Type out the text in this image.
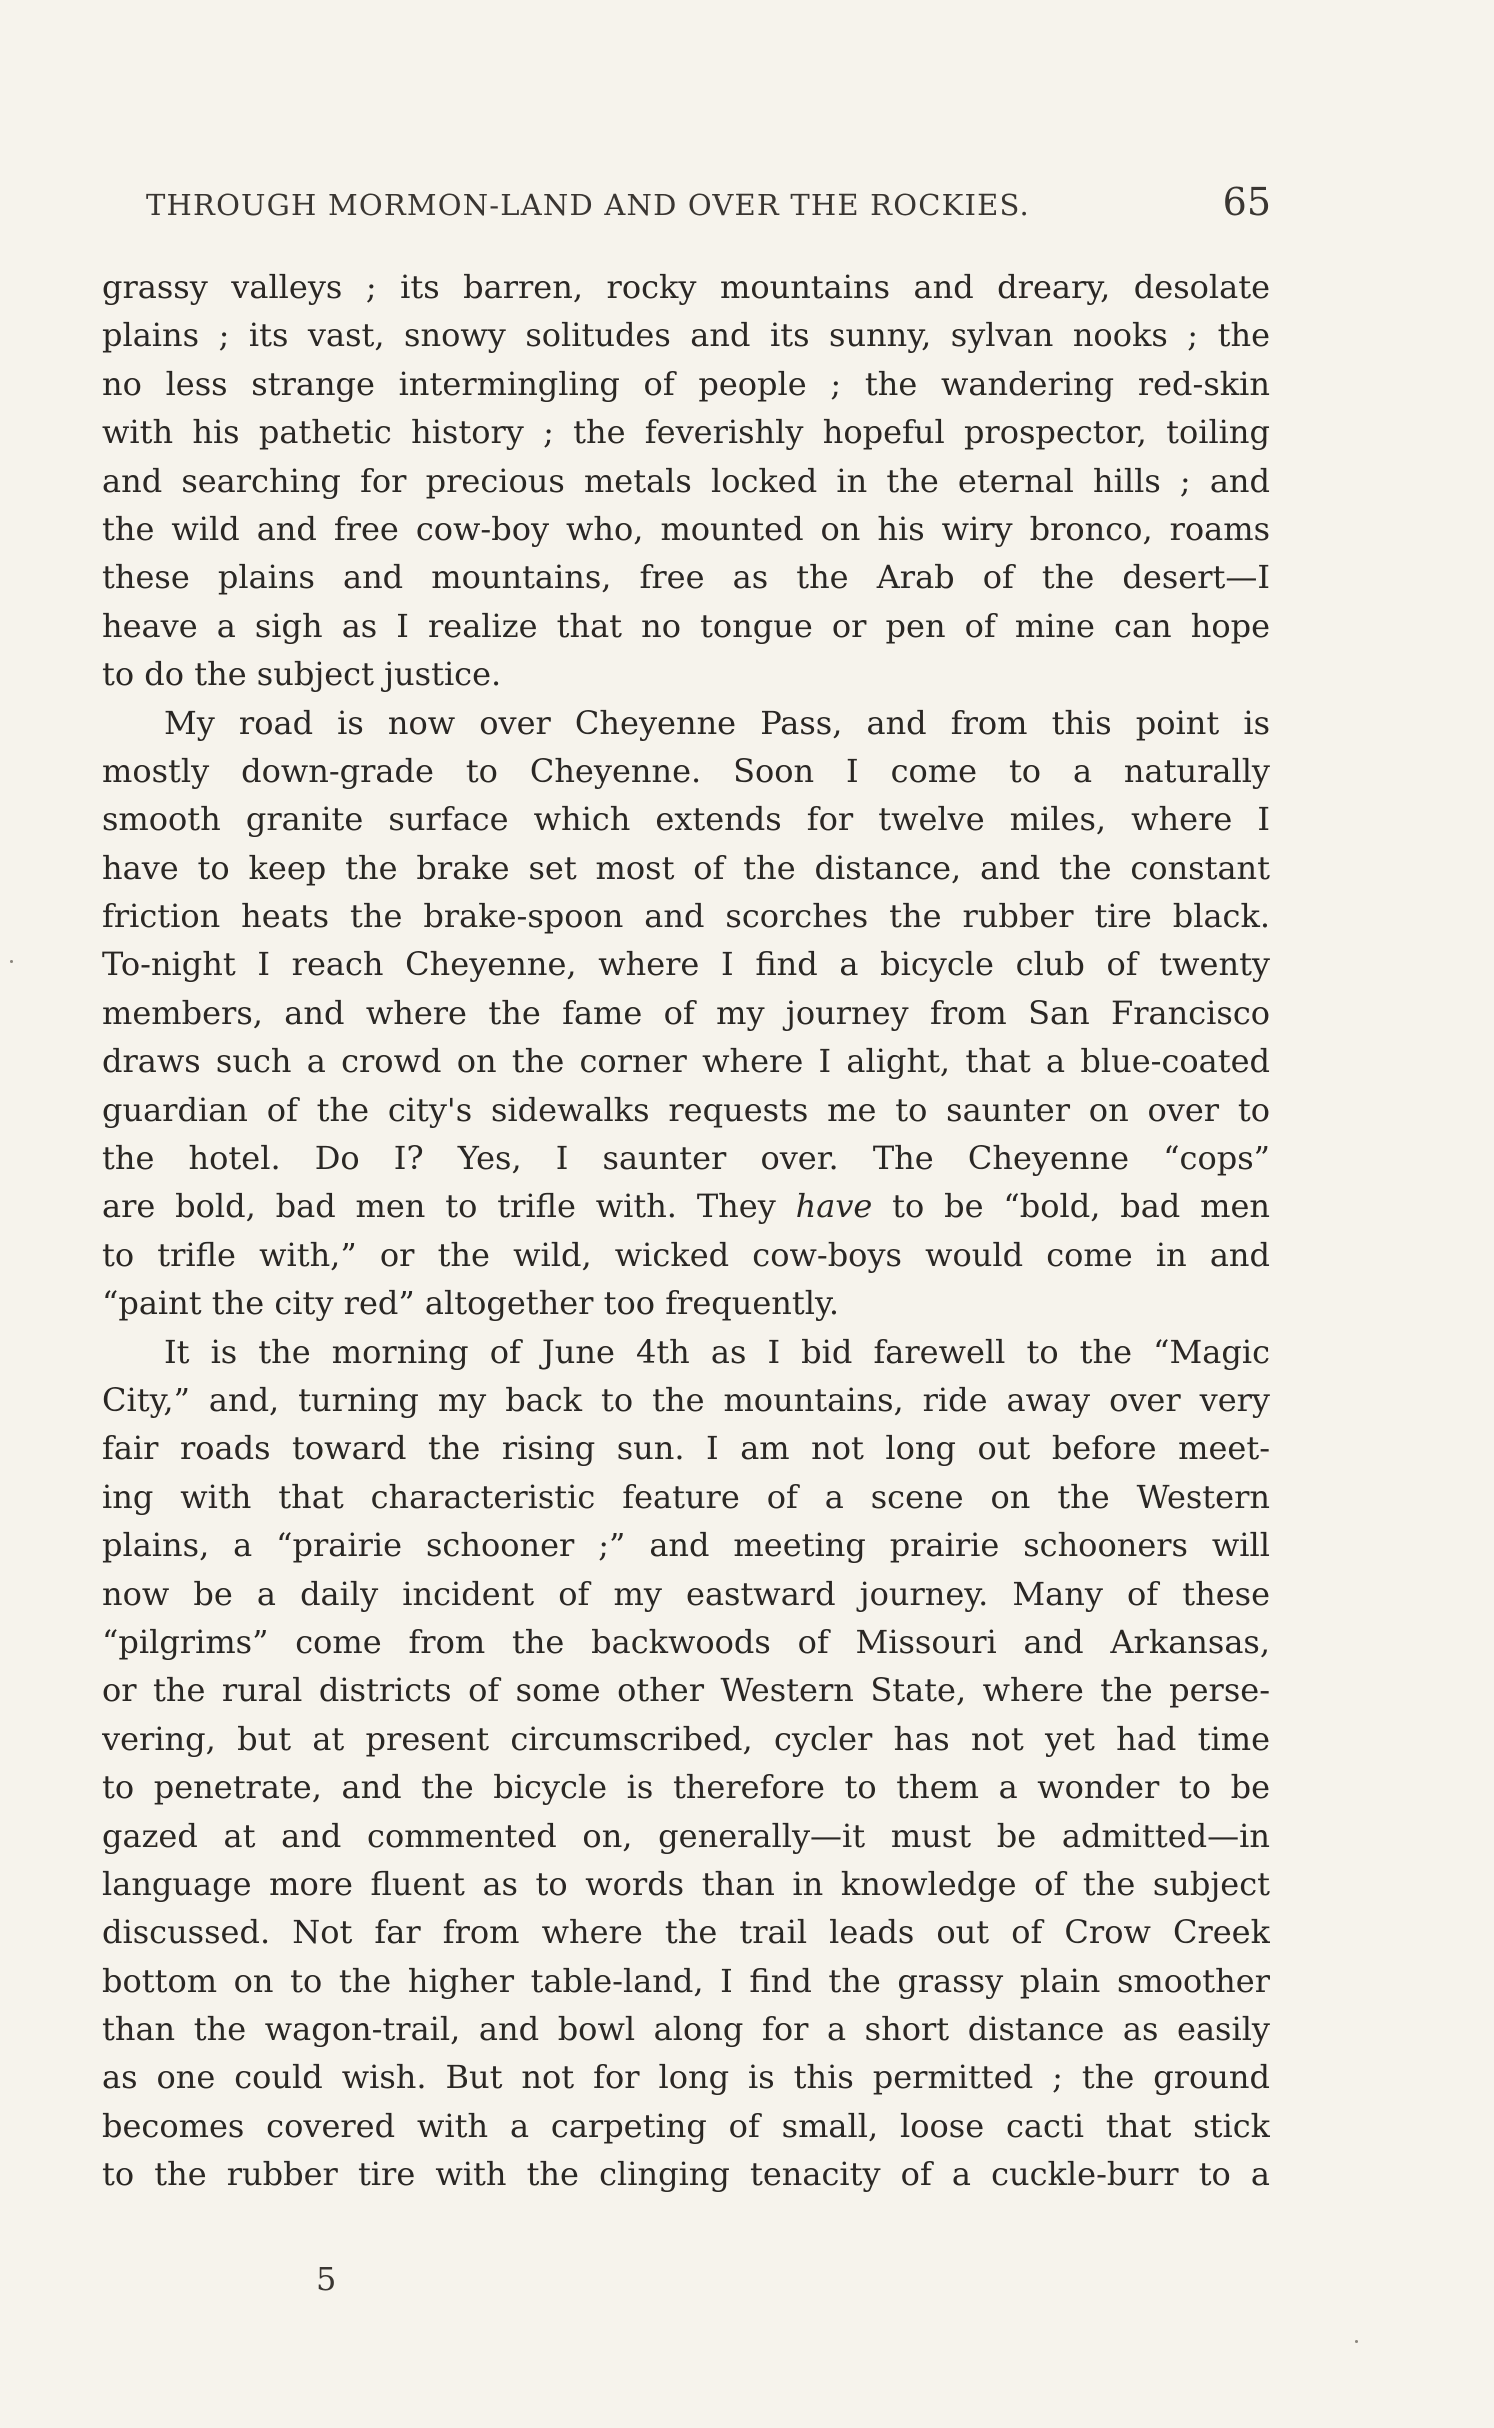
THROUGH MORMON-LAND AND OVER THE ROCKIES.	65
grassy valleys ; its barren, rocky mountains and dreary, desolate
plains ; its vast, snowy solitudes and its sunny, sylvan nooks ; the
no less strange intermingling of people ; the wandering red-skin
with his pathetic history ; the feverishly hopeful prospector, toiling
and searching for precious metals locked in the eternal hills ; and
the wild and free cow-boy who, mounted on his wiry bronco, roams
these plains and mountains, free as the Arab of the desert—I
heave a sigh as I realize that no tongue or pen of mine can hope
to do the subject justice.
My road is now over Cheyenne Pass, and from this point is
mostly down-grade to Cheyenne. Soon I come to a naturally
smooth granite surface which extends for twelve miles, where I
have to keep the brake set most of the distance, and the constant
friction heats the brake-spoon and scorches the rubber tire black.
To-night I reach Cheyenne, where I find a bicycle club of twenty
members, and where the fame of my journey from San Francisco
draws such a crowd on the corner where I alight, that a blue-coated
guardian of the city's sidewalks requests me to saunter on over to
the hotel. Do I? Yes, I saunter over. The Cheyenne “cops”
are bold, bad men to trifle with. They have to be “bold, bad men
to trifle with,” or the wild, wicked cow-boys would come in and
“paint the city red” altogether too frequently.
It is the morning of June 4th as I bid farewell to the “Magic
City,” and, turning my back to the mountains, ride away over very
fair roads toward the rising sun. I am not long out before meet-
ing with that characteristic feature of a scene on the Western
plains, a “prairie schooner ;” and meeting prairie schooners will
now be a daily incident of my eastward journey. Many of these
“pilgrims” come from the backwoods of Missouri and Arkansas,
or the rural districts of some other Western State, where the perse-
vering, but at present circumscribed, cycler has not yet had time
to penetrate, and the bicycle is therefore to them a wonder to be
gazed at and commented on, generally—it must be admitted—in
language more fluent as to words than in knowledge of the subject
discussed. Not far from where the trail leads out of Crow Creek
bottom on to the higher table-land, I find the grassy plain smoother
than the wagon-trail, and bowl along for a short distance as easily
as one could wish. But not for long is this permitted ; the ground
becomes covered with a carpeting of small, loose cacti that stick
to the rubber tire with the clinging tenacity of a cuckle-burr to a
5
